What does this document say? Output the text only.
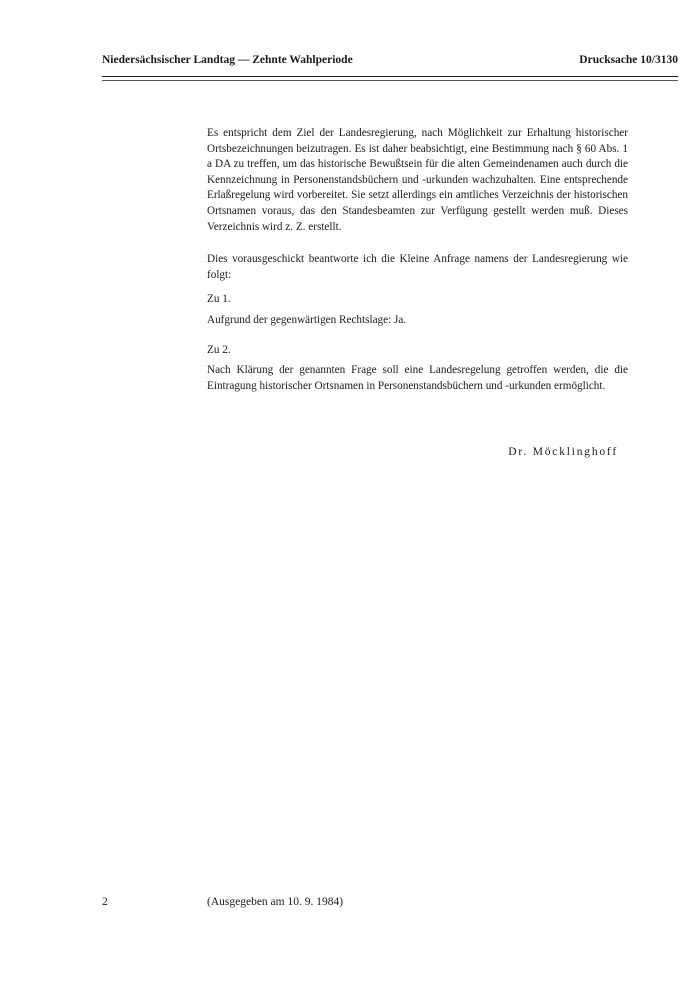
Niedersächsischer Landtag — Zehnte Wahlperiode	Drucksache 10/3130

Es entspricht dem Ziel der Landesregierung, nach Möglichkeit zur Erhaltung historischer Ortsbezeichnungen beizutragen. Es ist daher beabsichtigt, eine Bestimmung nach § 60 Abs. 1 a DA zu treffen, um das historische Bewußtsein für die alten Gemeindenamen auch durch die Kennzeichnung in Personenstandsbüchern und -urkunden wachzuhalten. Eine entsprechende Erlaßregelung wird vorbereitet. Sie setzt allerdings ein amtliches Verzeichnis der historischen Ortsnamen voraus, das den Standesbeamten zur Verfügung gestellt werden muß. Dieses Verzeichnis wird z. Z. erstellt.

Dies vorausgeschickt beantworte ich die Kleine Anfrage namens der Landesregierung wie folgt:

Zu 1.

Aufgrund der gegenwärtigen Rechtslage: Ja.

Zu 2.

Nach Klärung der genannten Frage soll eine Landesregelung getroffen werden, die die Eintragung historischer Ortsnamen in Personenstandsbüchern und -urkunden ermöglicht.

Dr. Möcklinghoff
2	(Ausgegeben am 10. 9. 1984)
